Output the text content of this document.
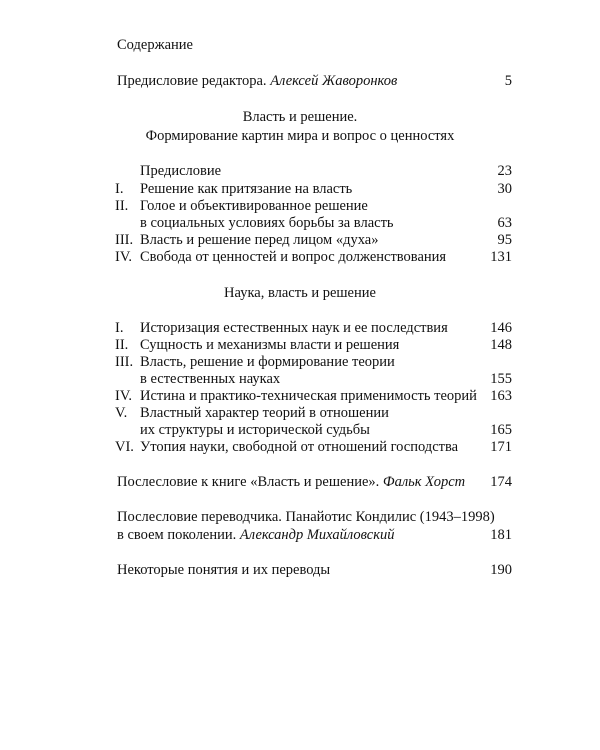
Содержание
Предисловие редактора. Алексей Жаворонков	5
Власть и решение.
Формирование картин мира и вопрос о ценностях
Предисловие	23
I. Решение как притязание на власть	30
II. Голое и объективированное решение
в социальных условиях борьбы за власть	63
III. Власть и решение перед лицом «духа»	95
IV. Свобода от ценностей и вопрос долженствования	131
Наука, власть и решение
I. Историзация естественных наук и ее последствия	146
II. Сущность и механизмы власти и решения	148
III. Власть, решение и формирование теории
в естественных науках	155
IV. Истина и практико-техническая применимость теорий 163
V. Властный характер теорий в отношении
их структуры и исторической судьбы	165
VI. Утопия науки, свободной от отношений господства	171
Послесловие к книге «Власть и решение». Фальк Хорст	174
Послесловие переводчика. Панайотис Кондилис (1943–1998)
в своем поколении. Александр Михайловский	181
Некоторые понятия и их переводы	190
